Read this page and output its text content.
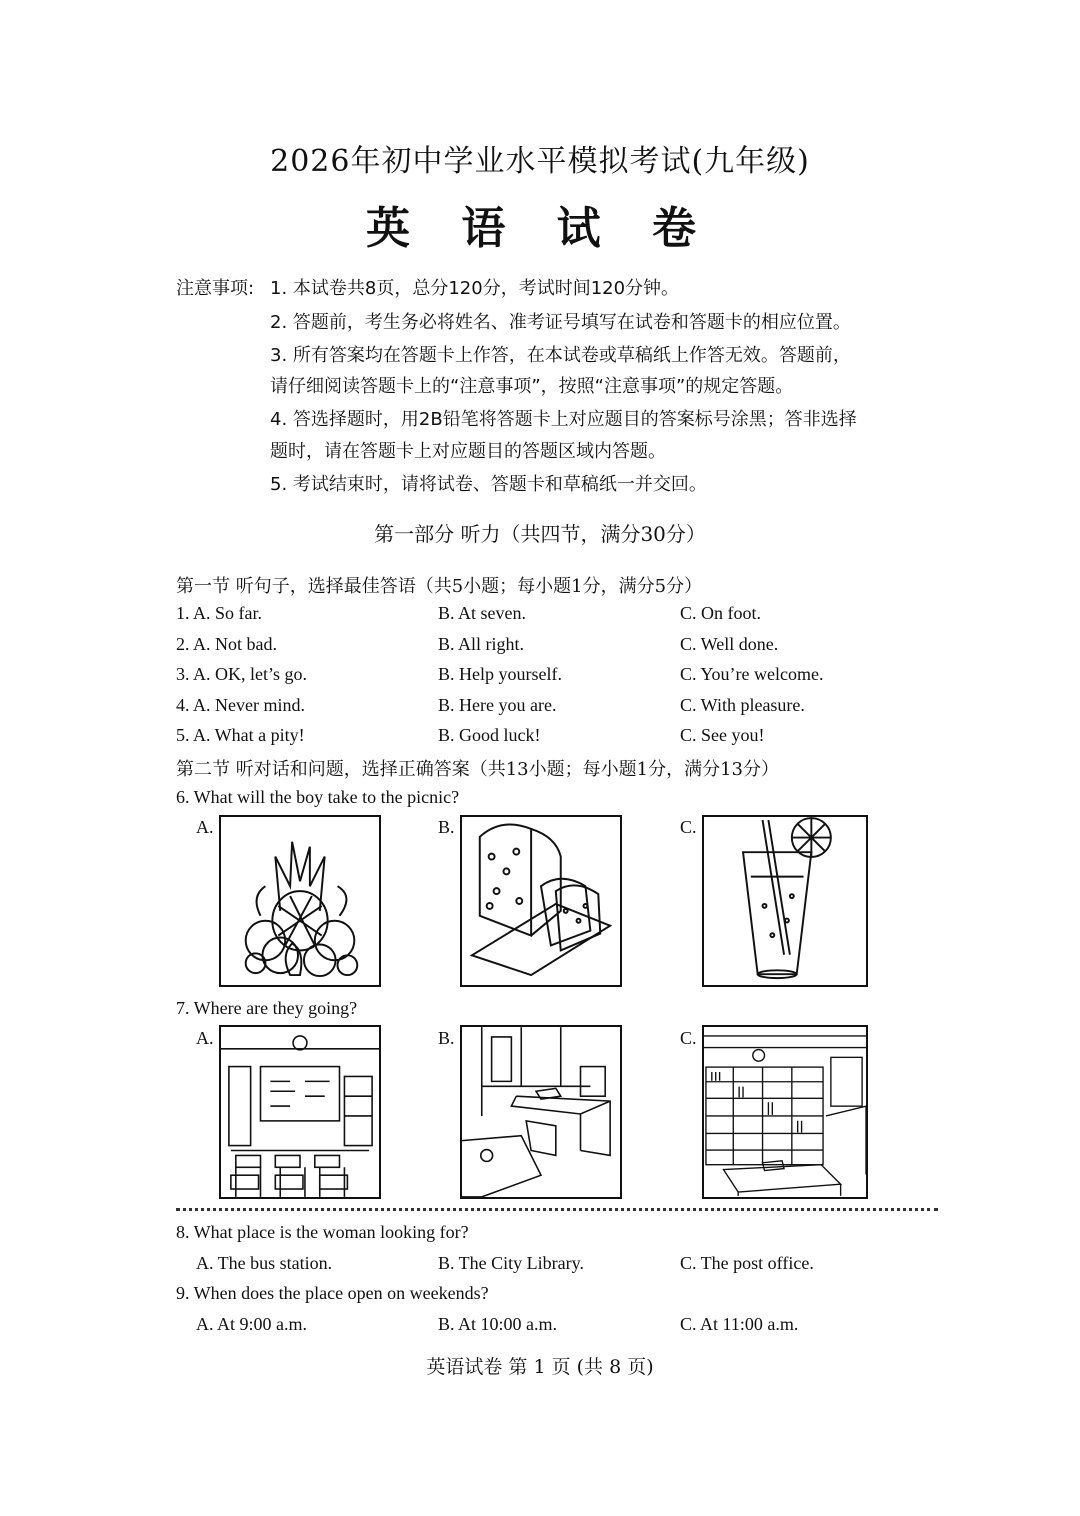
2026年初中学业水平模拟考试(九年级)
英 语 试 卷
注意事项: 1. 本试卷共8页，总分120分，考试时间120分钟。
2. 答题前，考生务必将姓名、准考证号填写在试卷和答题卡的相应位置。
3. 所有答案均在答题卡上作答，在本试卷或草稿纸上作答无效。答题前，
请仔细阅读答题卡上的“注意事项”，按照“注意事项”的规定答题。
4. 答选择题时，用2B铅笔将答题卡上对应题目的答案标号涂黑；答非选择
题时，请在答题卡上对应题目的答题区域内答题。
5. 考试结束时，请将试卷、答题卡和草稿纸一并交回。
第一部分 听力（共四节，满分30分）
第一节 听句子，选择最佳答语（共5小题；每小题1分，满分5分）
1. A. So far.	B. At seven.	C. On foot.
2. A. Not bad.	B. All right.	C. Well done.
3. A. OK, let’s go.	B. Help yourself.	C. You’re welcome.
4. A. Never mind.	B. Here you are.	C. With pleasure.
5. A. What a pity!	B. Good luck!	C. See you!
第二节 听对话和问题，选择正确答案（共13小题；每小题1分，满分13分）
6. What will the boy take to the picnic?
A.	B.	C.
7. Where are they going?
A.	B.	C.
8. What place is the woman looking for?
A. The bus station.	B. The City Library.	C. The post office.
9. When does the place open on weekends?
A. At 9:00 a.m.	B. At 10:00 a.m.	C. At 11:00 a.m.
英语试卷 第 1 页 (共 8 页)
